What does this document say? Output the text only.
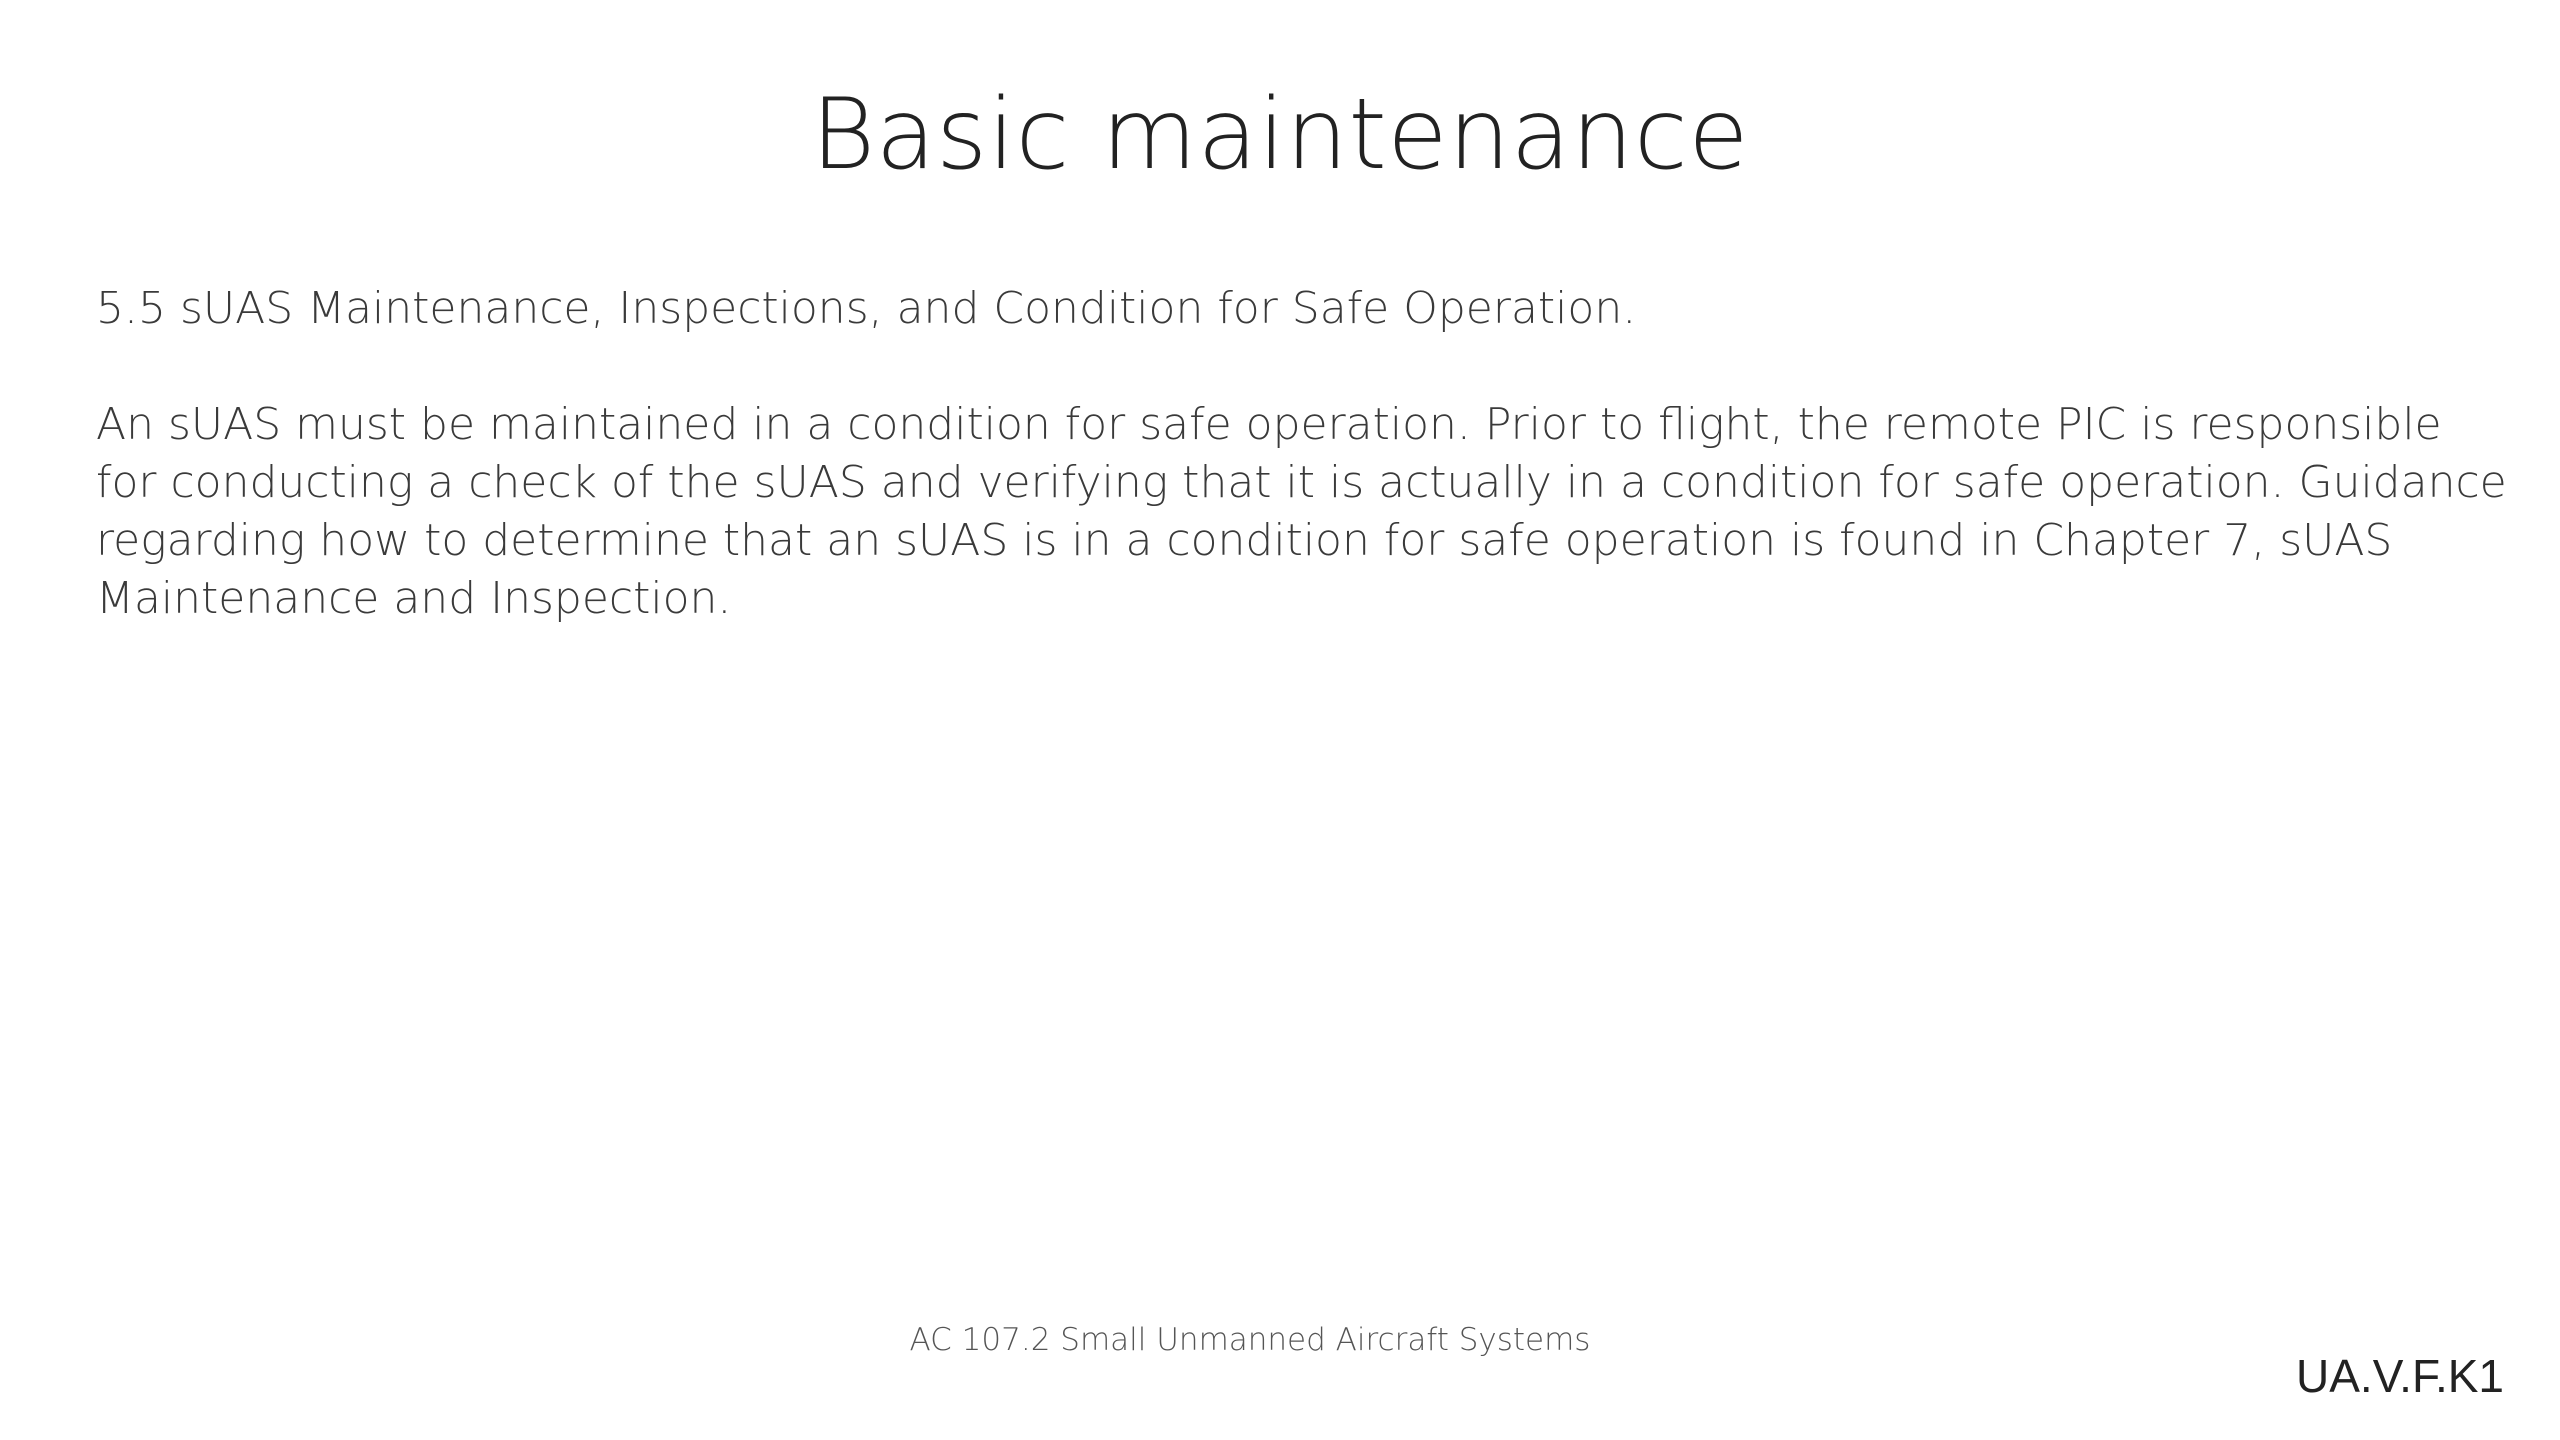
Basic maintenance

5.5 sUAS Maintenance, Inspections, and Condition for Safe Operation.

An sUAS must be maintained in a condition for safe operation. Prior to flight, the remote PIC is responsible for conducting a check of the sUAS and verifying that it is actually in a condition for safe operation. Guidance regarding how to determine that an sUAS is in a condition for safe operation is found in Chapter 7, sUAS Maintenance and Inspection.

AC 107.2 Small Unmanned Aircraft Systems
UA.V.F.K1
